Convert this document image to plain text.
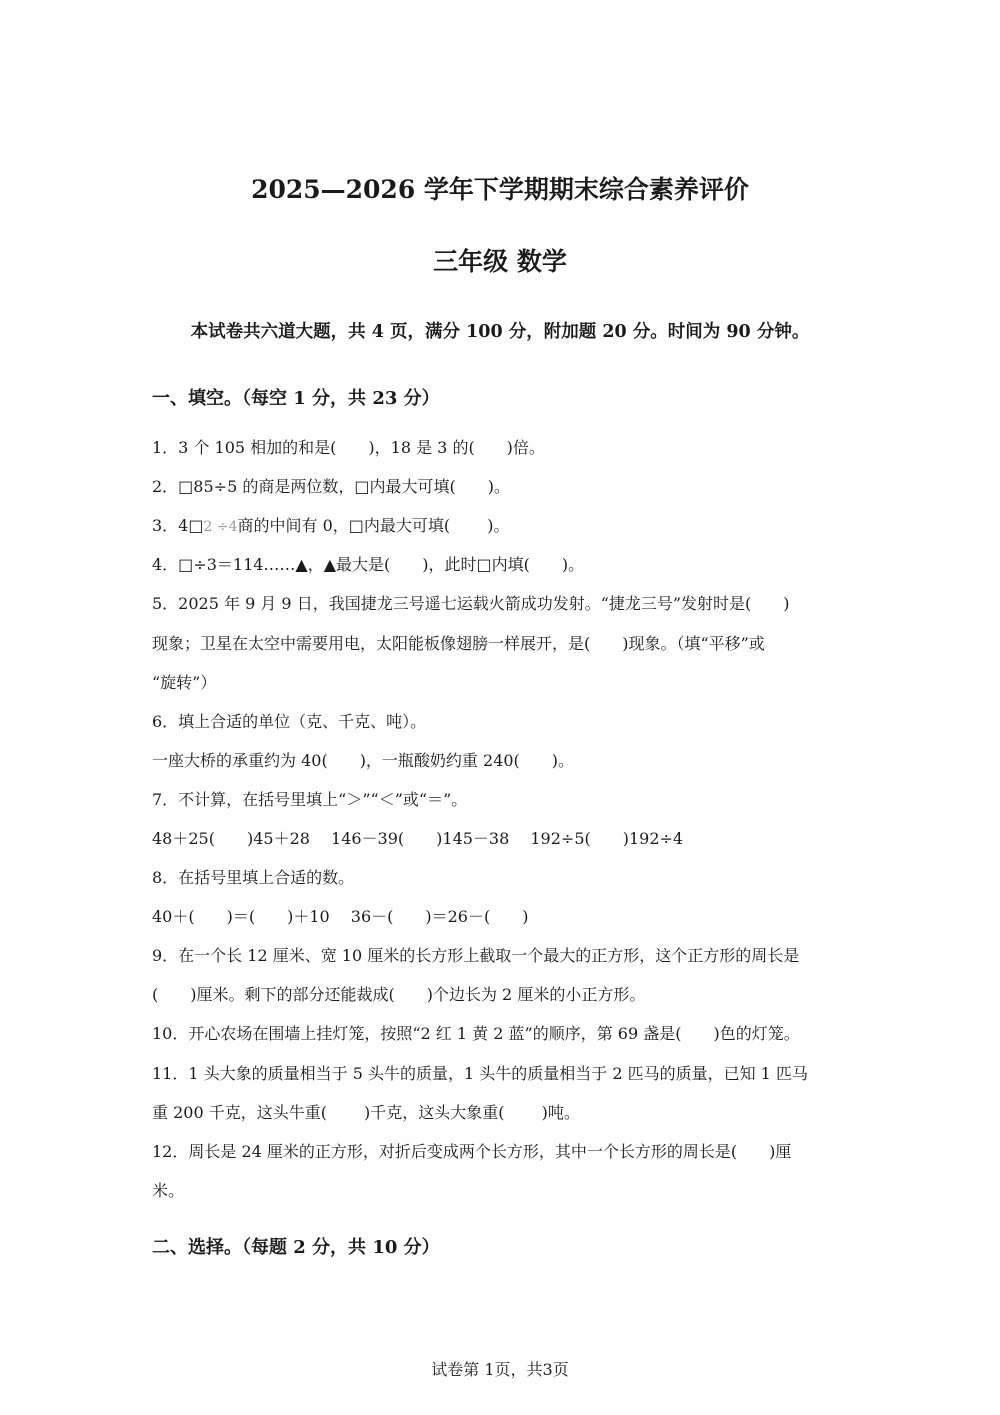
2025—2026 学年下学期期末综合素养评价
三年级 数学
本试卷共六道大题，共 4 页，满分 100 分，附加题 20 分。时间为 90 分钟。
一、填空。（每空 1 分，共 23 分）
1．3 个 105 相加的和是(　　)，18 是 3 的(　　)倍。
2．□85÷5 的商是两位数，□内最大可填(　　)。
3．4□2 ÷4商的中间有 0，□内最大可填(　　 )。
4．□÷3＝114……▲，▲最大是(　　)，此时□内填(　　)。
5．2025 年 9 月 9 日，我国捷龙三号遥七运载火箭成功发射。“捷龙三号”发射时是(　　)
现象；卫星在太空中需要用电，太阳能板像翅膀一样展开，是(　　)现象。（填“平移”或
“旋转”）
6．填上合适的单位（克、千克、吨）。
一座大桥的承重约为 40(　　)，一瓶酸奶约重 240(　　)。
7．不计算，在括号里填上“＞”“＜”或“＝”。
48＋25(　　)45＋28　 146－39(　　)145－38　 192÷5(　　)192÷4
8．在括号里填上合适的数。
40＋(　　)＝(　　)＋10　 36－(　　)＝26－(　　)
9．在一个长 12 厘米、宽 10 厘米的长方形上截取一个最大的正方形，这个正方形的周长是
(　　)厘米。剩下的部分还能裁成(　　)个边长为 2 厘米的小正方形。
10．开心农场在围墙上挂灯笼，按照“2 红 1 黄 2 蓝”的顺序，第 69 盏是(　　)色的灯笼。
11．1 头大象的质量相当于 5 头牛的质量，1 头牛的质量相当于 2 匹马的质量，已知 1 匹马
重 200 千克，这头牛重(　　 )千克，这头大象重(　　 )吨。
12．周长是 24 厘米的正方形，对折后变成两个长方形，其中一个长方形的周长是(　　)厘
米。
二、选择。（每题 2 分，共 10 分）
试卷第 1页，共3页
